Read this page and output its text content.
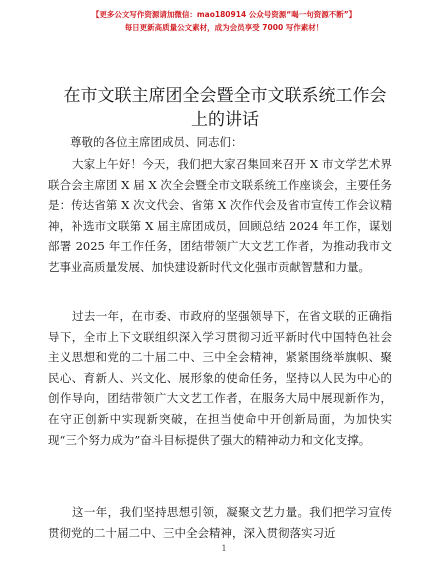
【更多公文写作资源请加微信：mao180914 公众号资源“喝一句资源不断”】
每日更新高质量公文素材，成为会员享受 7000 写作素材！
在市文联主席团全会暨全市文联系统工作会上的讲话
尊敬的各位主席团成员、同志们：
大家上午好！今天，我们把大家召集回来召开 X 市文学艺术界联合会主席团 X 届 X 次全会暨全市文联系统工作座谈会，主要任务是：传达省第 X 次文代会、省第 X 次作代会及省市宣传工作会议精神，补选市文联第 X 届主席团成员，回顾总结 2024 年工作，谋划部署 2025 年工作任务，团结带领广大文艺工作者，为推动我市文艺事业高质量发展、加快建设新时代文化强市贡献智慧和力量。
过去一年，在市委、市政府的坚强领导下，在省文联的正确指导下，全市上下文联组织深入学习贯彻习近平新时代中国特色社会主义思想和党的二十届二中、三中全会精神，紧紧围绕举旗帜、聚民心、育新人、兴文化、展形象的使命任务，坚持以人民为中心的创作导向，团结带领广大文艺工作者，在服务大局中展现新作为，在守正创新中实现新突破，在担当使命中开创新局面，为加快实现“三个努力成为”奋斗目标提供了强大的精神动力和文化支撑。
这一年，我们坚持思想引领，凝聚文艺力量。我们把学习宣传贯彻党的二十届二中、三中全会精神，深入贯彻落实习近
1
